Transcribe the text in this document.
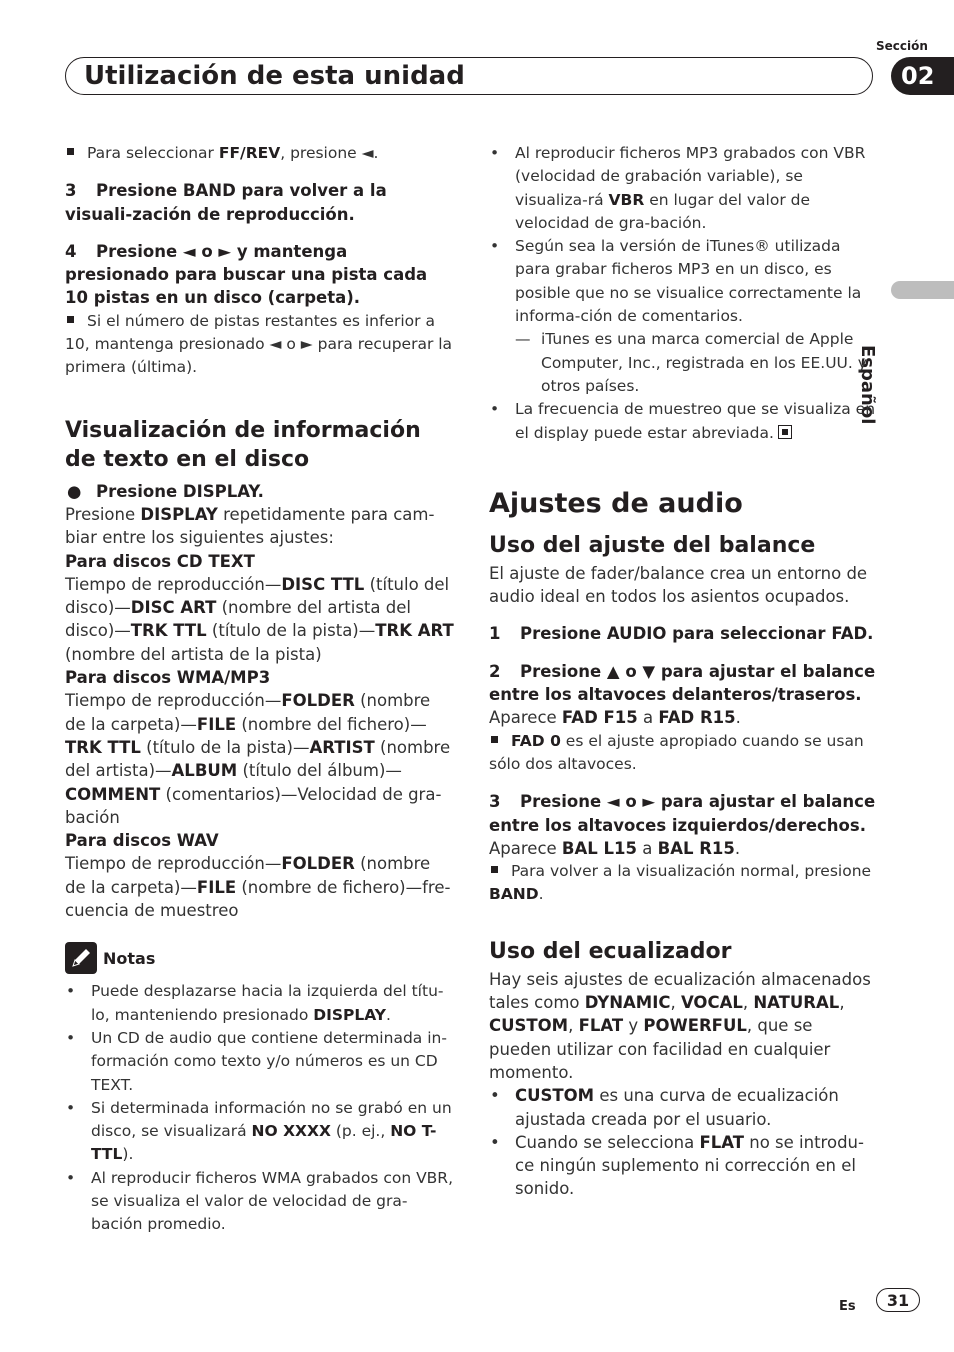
Sección
Utilización de esta unidad	02
Español

Para seleccionar FF/REV, presione ◄.

3 Presione BAND para volver a la visuali-zación de reproducción.

4 Presione ◄ o ► y mantenga presionado para buscar una pista cada 10 pistas en un disco (carpeta).

Si el número de pistas restantes es inferior a 10, mantenga presionado ◄ o ► para recuperar la primera (última).

Visualización de información de texto en el disco

● Presione DISPLAY.

Presione DISPLAY repetidamente para cam-biar entre los siguientes ajustes:

Para discos CD TEXT

Tiempo de reproducción—DISC TTL (título del disco)—DISC ART (nombre del artista del disco)—TRK TTL (título de la pista)—TRK ART (nombre del artista de la pista)

Para discos WMA/MP3

Tiempo de reproducción—FOLDER (nombre de la carpeta)—FILE (nombre del fichero)—TRK TTL (título de la pista)—ARTIST (nombre del artista)—ALBUM (título del álbum)—COMMENT (comentarios)—Velocidad de gra-bación

Para discos WAV

Tiempo de reproducción—FOLDER (nombre de la carpeta)—FILE (nombre de fichero)—fre-cuencia de muestreo

Notas

• Puede desplazarse hacia la izquierda del títu-lo, manteniendo presionado DISPLAY.

• Un CD de audio que contiene determinada in-formación como texto y/o números es un CD TEXT.

• Si determinada información no se grabó en un disco, se visualizará NO XXXX (p. ej., NO T-TTL).

• Al reproducir ficheros WMA grabados con VBR, se visualiza el valor de velocidad de gra-bación promedio.

• Al reproducir ficheros MP3 grabados con VBR (velocidad de grabación variable), se visualiza-rá VBR en lugar del valor de velocidad de gra-bación.

• Según sea la versión de iTunes® utilizada para grabar ficheros MP3 en un disco, es posible que no se visualice correctamente la informa-ción de comentarios.

— iTunes es una marca comercial de Apple Computer, Inc., registrada en los EE.UU. y otros países.

• La frecuencia de muestreo que se visualiza en el display puede estar abreviada.

Ajustes de audio

Uso del ajuste del balance

El ajuste de fader/balance crea un entorno de audio ideal en todos los asientos ocupados.

1 Presione AUDIO para seleccionar FAD.

2 Presione ▲ o ▼ para ajustar el balance entre los altavoces delanteros/traseros.

Aparece FAD F15 a FAD R15.

FAD 0 es el ajuste apropiado cuando se usan sólo dos altavoces.

3 Presione ◄ o ► para ajustar el balance entre los altavoces izquierdos/derechos.

Aparece BAL L15 a BAL R15.

Para volver a la visualización normal, presione BAND.

Uso del ecualizador

Hay seis ajustes de ecualización almacenados tales como DYNAMIC, VOCAL, NATURAL, CUSTOM, FLAT y POWERFUL, que se pueden utilizar con facilidad en cualquier momento.

• CUSTOM es una curva de ecualización ajustada creada por el usuario.

• Cuando se selecciona FLAT no se introdu-ce ningún suplemento ni corrección en el sonido.

Es	31
